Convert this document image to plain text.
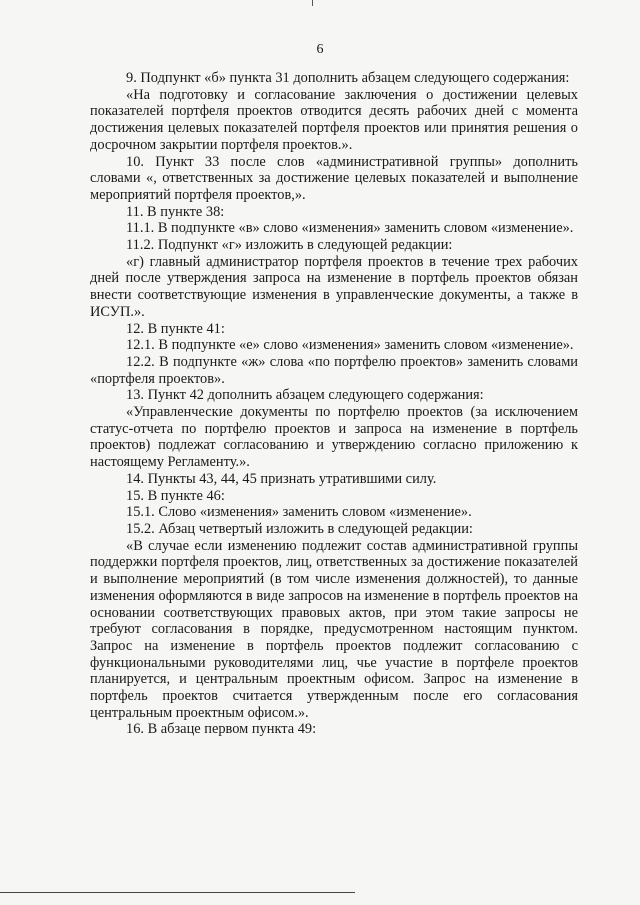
6

9. Подпункт «б» пункта 31 дополнить абзацем следующего содержания:

«На подготовку и согласование заключения о достижении целевых показателей портфеля проектов отводится десять рабочих дней с момента достижения целевых показателей портфеля проектов или принятия решения о досрочном закрытии портфеля проектов.».

10. Пункт 33 после слов «административной группы» дополнить словами «, ответственных за достижение целевых показателей и выполнение мероприятий портфеля проектов,».

11. В пункте 38:

11.1. В подпункте «в» слово «изменения» заменить словом «изменение».

11.2. Подпункт «г» изложить в следующей редакции:

«г) главный администратор портфеля проектов в течение трех рабочих дней после утверждения запроса на изменение в портфель проектов обязан внести соответствующие изменения в управленческие документы, а также в ИСУП.».

12. В пункте 41:

12.1. В подпункте «е» слово «изменения» заменить словом «изменение».

12.2. В подпункте «ж» слова «по портфелю проектов» заменить словами «портфеля проектов».

13. Пункт 42 дополнить абзацем следующего содержания:

«Управленческие документы по портфелю проектов (за исключением статус-отчета по портфелю проектов и запроса на изменение в портфель проектов) подлежат согласованию и утверждению согласно приложению к настоящему Регламенту.».

14. Пункты 43, 44, 45 признать утратившими силу.

15. В пункте 46:

15.1. Слово «изменения» заменить словом «изменение».

15.2. Абзац четвертый изложить в следующей редакции:

«В случае если изменению подлежит состав административной группы поддержки портфеля проектов, лиц, ответственных за достижение показателей и выполнение мероприятий (в том числе изменения должностей), то данные изменения оформляются в виде запросов на изменение в портфель проектов на основании соответствующих правовых актов, при этом такие запросы не требуют согласования в порядке, предусмотренном настоящим пунктом. Запрос на изменение в портфель проектов подлежит согласованию с функциональными руководителями лиц, чье участие в портфеле проектов планируется, и центральным проектным офисом. Запрос на изменение в портфель проектов считается утвержденным после его согласования центральным проектным офисом.».

16. В абзаце первом пункта 49:
